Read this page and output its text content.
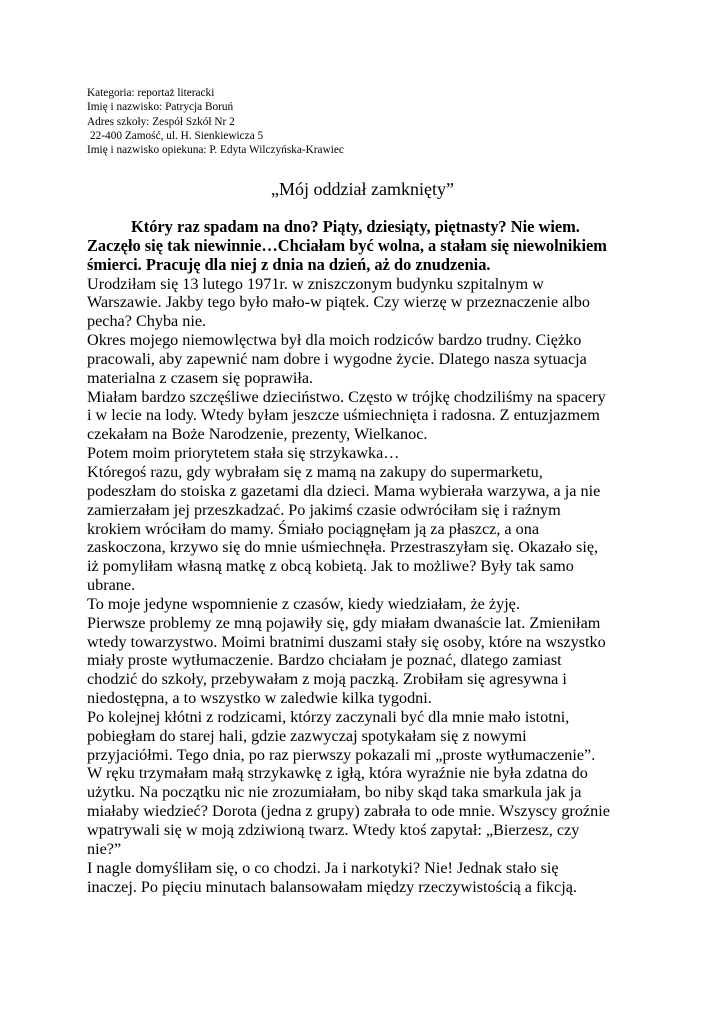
Kategoria: reportaż literacki
Imię i nazwisko: Patrycja Boruń
Adres szkoły: Zespół Szkół Nr 2
22-400 Zamość, ul. H. Sienkiewicza 5
Imię i nazwisko opiekuna: P. Edyta Wilczyńska-Krawiec
„Mój oddział zamknięty”
Który raz spadam na dno? Piąty, dziesiąty, piętnasty? Nie wiem.
Zaczęło się tak niewinnie…Chciałam być wolna, a stałam się niewolnikiem
śmierci. Pracuję dla niej z dnia na dzień, aż do znudzenia.
Urodziłam się 13 lutego 1971r. w zniszczonym budynku szpitalnym w
Warszawie. Jakby tego było mało-w piątek. Czy wierzę w przeznaczenie albo
pecha? Chyba nie.
Okres mojego niemowlęctwa był dla moich rodziców bardzo trudny. Ciężko
pracowali, aby zapewnić nam dobre i wygodne życie. Dlatego nasza sytuacja
materialna z czasem się poprawiła.
Miałam bardzo szczęśliwe dzieciństwo. Często w trójkę chodziliśmy na spacery
i w lecie na lody. Wtedy byłam jeszcze uśmiechnięta i radosna. Z entuzjazmem
czekałam na Boże Narodzenie, prezenty, Wielkanoc.
Potem moim priorytetem stała się strzykawka…
Któregoś razu, gdy wybrałam się z mamą na zakupy do supermarketu,
podeszłam do stoiska z gazetami dla dzieci. Mama wybierała warzywa, a ja nie
zamierzałam jej przeszkadzać. Po jakimś czasie odwróciłam się i raźnym
krokiem wróciłam do mamy. Śmiało pociągnęłam ją za płaszcz, a ona
zaskoczona, krzywo się do mnie uśmiechnęła. Przestraszyłam się. Okazało się,
iż pomyliłam własną matkę z obcą kobietą. Jak to możliwe? Były tak samo
ubrane.
To moje jedyne wspomnienie z czasów, kiedy wiedziałam, że żyję.
Pierwsze problemy ze mną pojawiły się, gdy miałam dwanaście lat. Zmieniłam
wtedy towarzystwo. Moimi bratnimi duszami stały się osoby, które na wszystko
miały proste wytłumaczenie. Bardzo chciałam je poznać, dlatego zamiast
chodzić do szkoły, przebywałam z moją paczką. Zrobiłam się agresywna i
niedostępna, a to wszystko w zaledwie kilka tygodni.
Po kolejnej kłótni z rodzicami, którzy zaczynali być dla mnie mało istotni,
pobiegłam do starej hali, gdzie zazwyczaj spotykałam się z nowymi
przyjaciółmi. Tego dnia, po raz pierwszy pokazali mi „proste wytłumaczenie”.
W ręku trzymałam małą strzykawkę z igłą, która wyraźnie nie była zdatna do
użytku. Na początku nic nie zrozumiałam, bo niby skąd taka smarkula jak ja
miałaby wiedzieć? Dorota (jedna z grupy) zabrała to ode mnie. Wszyscy groźnie
wpatrywali się w moją zdziwioną twarz. Wtedy ktoś zapytał: „Bierzesz, czy
nie?”
I nagle domyśliłam się, o co chodzi. Ja i narkotyki? Nie! Jednak stało się
inaczej. Po pięciu minutach balansowałam między rzeczywistością a fikcją.
